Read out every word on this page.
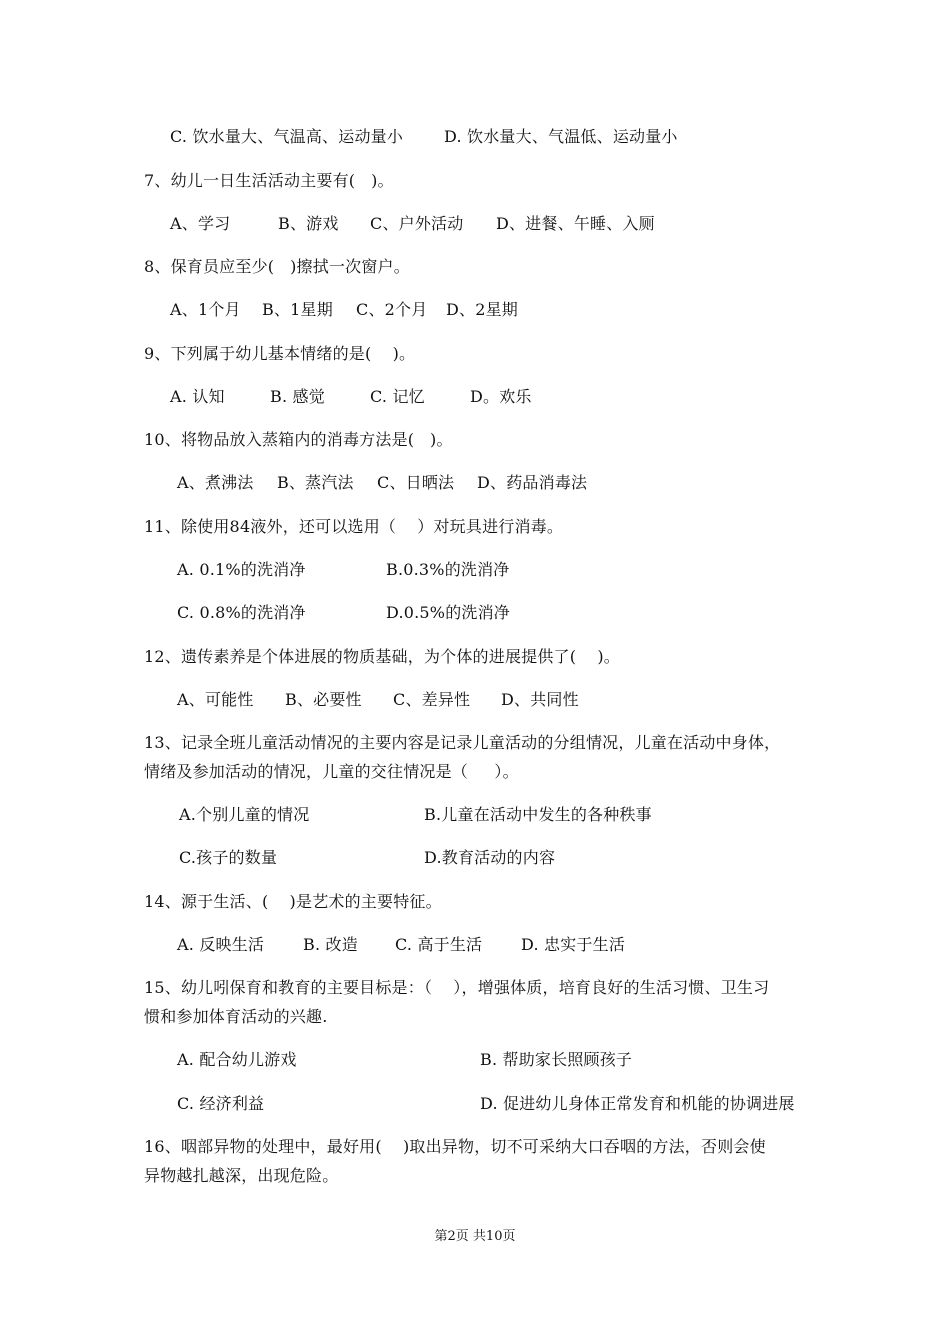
C. 饮水量大、气温高、运动量小	D. 饮水量大、气温低、运动量小
7、幼儿一日生活活动主要有(   )。
A、学习	B、游戏 C、户外活动 D、进餐、午睡、入厕
8、保育员应至少(   )擦拭一次窗户。
A、1个月 B、1星期 C、2个月 D、2星期
9、下列属于幼儿基本情绪的是(    )。
A. 认知	B. 感觉	C. 记忆	D。欢乐
10、将物品放入蒸箱内的消毒方法是(   )。
A、煮沸法 B、蒸汽法 C、日晒法 D、药品消毒法
11、除使用84液外，还可以选用（    ）对玩具进行消毒。
A. 0.1%的洗消净	B.0.3%的洗消净
C. 0.8%的洗消净	D.0.5%的洗消净
12、遗传素养是个体进展的物质基础，为个体的进展提供了(    )。
A、可能性 B、必要性 C、差异性 D、共同性
13、记录全班儿童活动情况的主要内容是记录儿童活动的分组情况，儿童在活动中身体，
情绪及参加活动的情况，儿童的交往情况是（     ）。
A.个别儿童的情况	B.儿童在活动中发生的各种秩事
C.孩子的数量	D.教育活动的内容
14、源于生活、(    )是艺术的主要特征。
A. 反映生活 B. 改造 C. 高于生活 D. 忠实于生活
15、幼儿吲保育和教育的主要目标是：（    ），增强体质，培育良好的生活习惯、卫生习
惯和参加体育活动的兴趣.
A. 配合幼儿游戏	B. 帮助家长照顾孩子
C. 经济利益	D. 促进幼儿身体正常发育和机能的协调进展
16、咽部异物的处理中，最好用(    )取出异物，切不可采纳大口吞咽的方法，否则会使
异物越扎越深，出现危险。
第2页 共10页
